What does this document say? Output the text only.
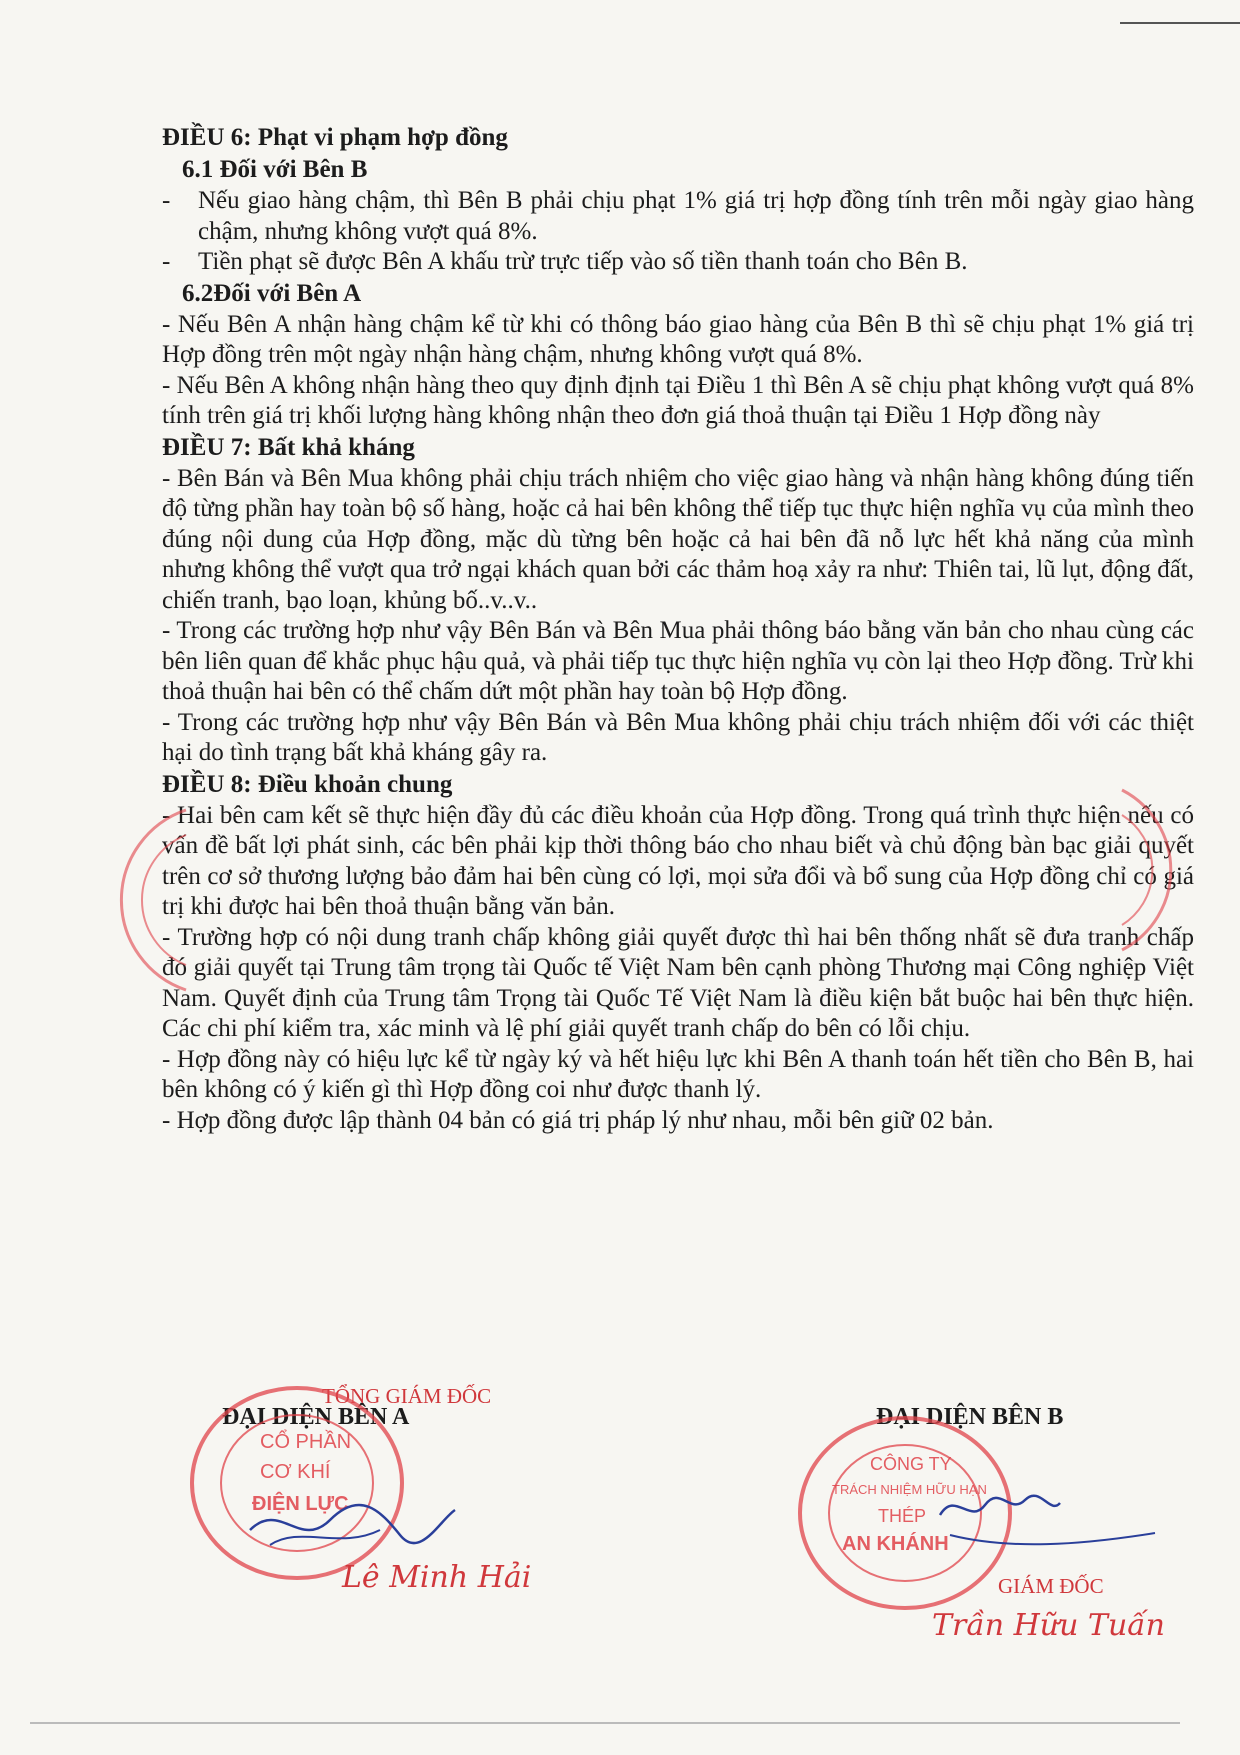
ĐIỀU 6: Phạt vi phạm hợp đồng

6.1 Đối với Bên B

-	Nếu giao hàng chậm, thì Bên B phải chịu phạt 1% giá trị hợp đồng tính trên mỗi ngày giao hàng chậm, nhưng không vượt quá 8%.
-	Tiền phạt sẽ được Bên A khấu trừ trực tiếp vào số tiền thanh toán cho Bên B.

6.2Đối với Bên A

- Nếu Bên A nhận hàng chậm kể từ khi có thông báo giao hàng của Bên B thì sẽ chịu phạt 1% giá trị Hợp đồng trên một ngày nhận hàng chậm, nhưng không vượt quá 8%.

- Nếu Bên A không nhận hàng theo quy định định tại Điều 1 thì Bên A sẽ chịu phạt không vượt quá 8% tính trên giá trị khối lượng hàng không nhận theo đơn giá thoả thuận tại Điều 1 Hợp đồng này

ĐIỀU 7: Bất khả kháng

- Bên Bán và Bên Mua không phải chịu trách nhiệm cho việc giao hàng và nhận hàng không đúng tiến độ từng phần hay toàn bộ số hàng, hoặc cả hai bên không thể tiếp tục thực hiện nghĩa vụ của mình theo đúng nội dung của Hợp đồng, mặc dù từng bên hoặc cả hai bên đã nỗ lực hết khả năng của mình nhưng không thể vượt qua trở ngại khách quan bởi các thảm hoạ xảy ra như: Thiên tai, lũ lụt, động đất, chiến tranh, bạo loạn, khủng bố..v..v..

- Trong các trường hợp như vậy Bên Bán và Bên Mua phải thông báo bằng văn bản cho nhau cùng các bên liên quan để khắc phục hậu quả, và phải tiếp tục thực hiện nghĩa vụ còn lại theo Hợp đồng. Trừ khi thoả thuận hai bên có thể chấm dứt một phần hay toàn bộ Hợp đồng.

- Trong các trường hợp như vậy Bên Bán và Bên Mua không phải chịu trách nhiệm đối với các thiệt hại do tình trạng bất khả kháng gây ra.

ĐIỀU 8: Điều khoản chung

- Hai bên cam kết sẽ thực hiện đầy đủ các điều khoản của Hợp đồng. Trong quá trình thực hiện nếu có vấn đề bất lợi phát sinh, các bên phải kịp thời thông báo cho nhau biết và chủ động bàn bạc giải quyết trên cơ sở thương lượng bảo đảm hai bên cùng có lợi, mọi sửa đổi và bổ sung của Hợp đồng chỉ có giá trị khi được hai bên thoả thuận bằng văn bản.

- Trường hợp có nội dung tranh chấp không giải quyết được thì hai bên thống nhất sẽ đưa tranh chấp đó giải quyết tại Trung tâm trọng tài Quốc tế Việt Nam bên cạnh phòng Thương mại Công nghiệp Việt Nam. Quyết định của Trung tâm Trọng tài Quốc Tế Việt Nam là điều kiện bắt buộc hai bên thực hiện. Các chi phí kiểm tra, xác minh và lệ phí giải quyết tranh chấp do bên có lỗi chịu.

- Hợp đồng này có hiệu lực kể từ ngày ký và hết hiệu lực khi Bên A thanh toán hết tiền cho Bên B, hai bên không có ý kiến gì thì Hợp đồng coi như được thanh lý.

- Hợp đồng được lập thành 04 bản có giá trị pháp lý như nhau, mỗi bên giữ 02 bản.

ĐẠI DIỆN BÊN A
TỔNG GIÁM ĐỐC
CỔ PHẦN
CƠ KHÍ
ĐIỆN LỰC
Lê Minh Hải
ĐẠI DIỆN BÊN B
CÔNG TY
TRÁCH NHIỆM HỮU HẠN
THÉP
AN KHÁNH
GIÁM ĐỐC
Trần Hữu Tuấn
